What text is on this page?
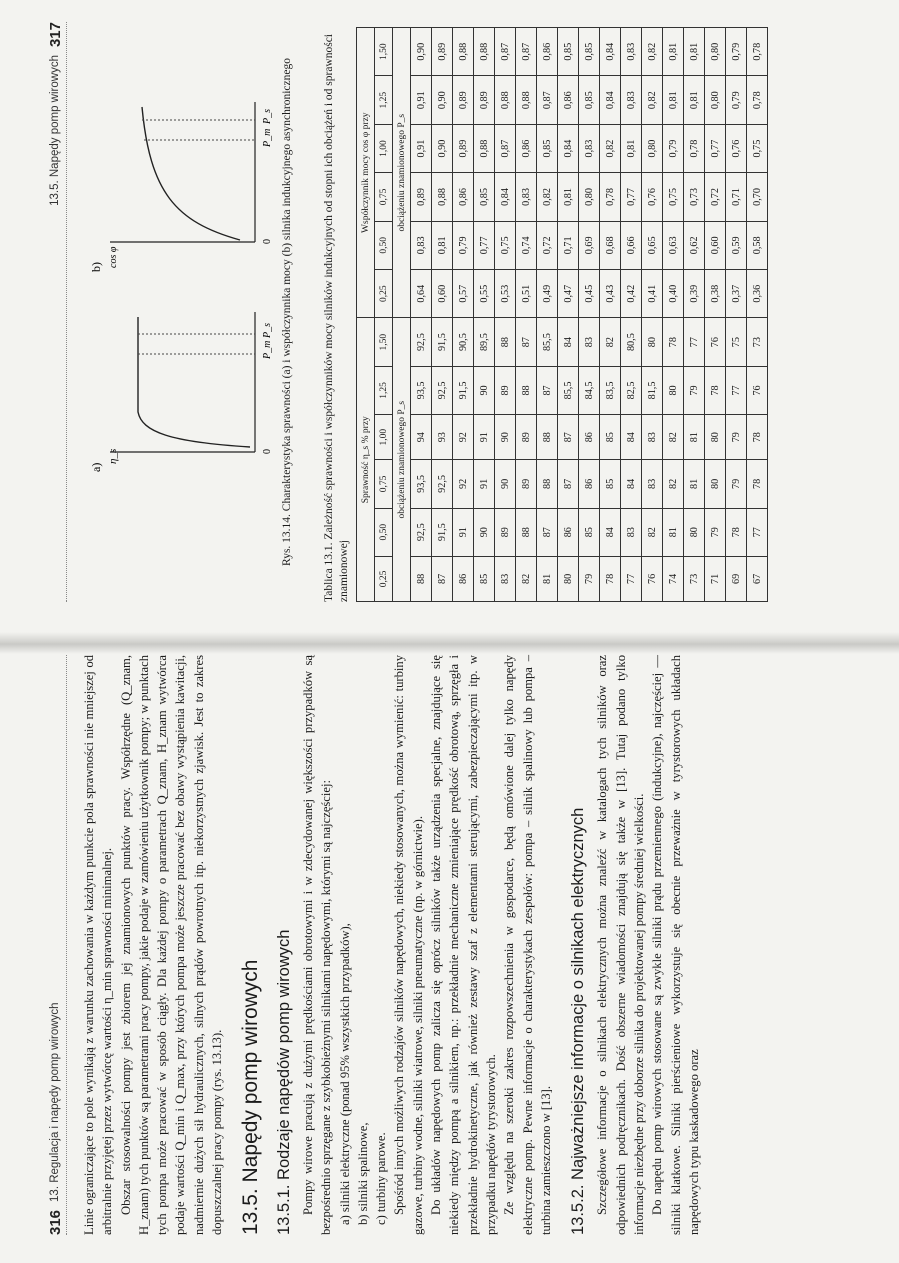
316
13. Regulacja i napędy pomp wirowych Linie ograniczające to pole wynikają z warunku zachowania w każdym punkcie pola sprawności nie mniejszej od arbitralnie przyjętej przez wytwórcę wartości η_min sprawności minimalnej. Obszar stosowalności pompy jest zbiorem jej znamionowych punktów pracy. Współrzędne (Q_znam, H_znam) tych punktów są parametrami pracy pompy, jakie podaje w zamówieniu użytkownik pompy; w punktach tych pompa może pracować w sposób ciągły. Dla każdej pompy o parametrach Q_znam, H_znam wytwórca podaje wartości Q_min i Q_max, przy których pompa może jeszcze pracować bez obawy wystąpienia kawitacji, nadmiernie dużych sił hydraulicznych, silnych prądów powrotnych itp. niekorzystnych zjawisk. Jest to zakres dopuszczalnej pracy pompy (rys. 13.13). 13.5. Napędy pomp wirowych 13.5.1. Rodzaje napędów pomp wirowych Pompy wirowe pracują z dużymi prędkościami obrotowymi i w zdecydowanej większości przypadków są bezpośrednio sprzęgane z szybkobieżnymi silnikami napędowymi, którymi są najczęściej: a) silniki elektryczne (ponad 95% wszystkich przypadków), b) silniki spalinowe, c) turbiny parowe. Spośród innych możliwych rodzajów silników napędowych, niekiedy stosowanych, można wymienić: turbiny gazowe, turbiny wodne, silniki wiatrowe, silniki pneumatyczne (np. w górnictwie). Do układów napędowych pomp zalicza się oprócz silników także urządzenia specjalne, znajdujące się niekiedy między pompą a silnikiem, np.: przekładnie mechaniczne zmieniające prędkość obrotową, sprzęgła i przekładnie hydrokinetyczne, jak również zestawy szaf z elementami sterującymi, zabezpieczającymi itp. w przypadku napędów tyrystorowych. Ze względu na szeroki zakres rozpowszechnienia w gospodarce, będą omówione dalej tylko napędy elektryczne pomp. Pewne informacje o charakterystykach zespołów: pompa – silnik spalinowy lub pompa – turbina zamieszczono w [13]. 13.5.2. Najważniejsze informacje o silnikach elektrycznych Szczegółowe informacje o silnikach elektrycznych można znaleźć w katalogach tych silników oraz odpowiednich podręcznikach. Dość obszerne wiadomości znajdują się także w [13]. Tutaj podano tylko informacje niezbędne przy doborze silnika do projektowanej pompy średniej wielkości. Do napędu pomp wirowych stosowane są zwykle silniki prądu przemiennego (indukcyjne), najczęściej — silniki klatkowe. Silniki pierścieniowe wykorzystuje się obecnie przeważnie w tyrystorowych układach napędowych typu kaskadowego oraz

13.5. Napędy pomp wirowych
317
a)
η_s	0
P_m
P_s
b) cos φ
0
P_m
P_s Rys. 13.14. Charakterystyka sprawności (a) i współczynnika mocy (b) silnika indukcyjnego asynchronicznego	Tablica 13.1. Zależność sprawności i współczynników mocy silników indukcyjnych od stopni ich obciążeń i od sprawności znamionowej
Sprawność η_s % przy						Współczynnik mocy cos φ przy					
0,25	0,50	0,75	1,00	1,25	1,50	0,25	0,50	0,75	1,00	1,25	1,50
obciążeniu znamionowego P_s						obciążeniu znamionowego P_s					
88	92,5	93,5	94	93,5	92,5	0,64	0,83	0,89	0,91	0,91	0,90
87	91,5	92,5	93	92,5	91,5	0,60	0,81	0,88	0,90	0,90	0,89
86	91	92	92	91,5	90,5	0,57	0,79	0,86	0,89	0,89	0,88
85	90	91	91	90	89,5	0,55	0,77	0,85	0,88	0,89	0,88
83	89	90	90	89	88	0,53	0,75	0,84	0,87	0,88	0,87
82	88	89	89	88	87	0,51	0,74	0,83	0,86	0,88	0,87
81	87	88	88	87	85,5	0,49	0,72	0,82	0,85	0,87	0,86
80	86	87	87	85,5	84	0,47	0,71	0,81	0,84	0,86	0,85
79	85	86	86	84,5	83	0,45	0,69	0,80	0,83	0,85	0,85
78	84	85	85	83,5	82	0,43	0,68	0,78	0,82	0,84	0,84
77	83	84	84	82,5	80,5	0,42	0,66	0,77	0,81	0,83	0,83
76	82	83	83	81,5	80	0,41	0,65	0,76	0,80	0,82	0,82
74	81	82	82	80	78	0,40	0,63	0,75	0,79	0,81	0,81
73	80	81	81	79	77	0,39	0,62	0,73	0,78	0,81	0,81
71	79	80	80	78	76	0,38	0,60	0,72	0,77	0,80	0,80
69	78	79	79	77	75	0,37	0,59	0,71	0,76	0,79	0,79
67	77	78	78	76	73	0,36	0,58	0,70	0,75	0,78	0,78
